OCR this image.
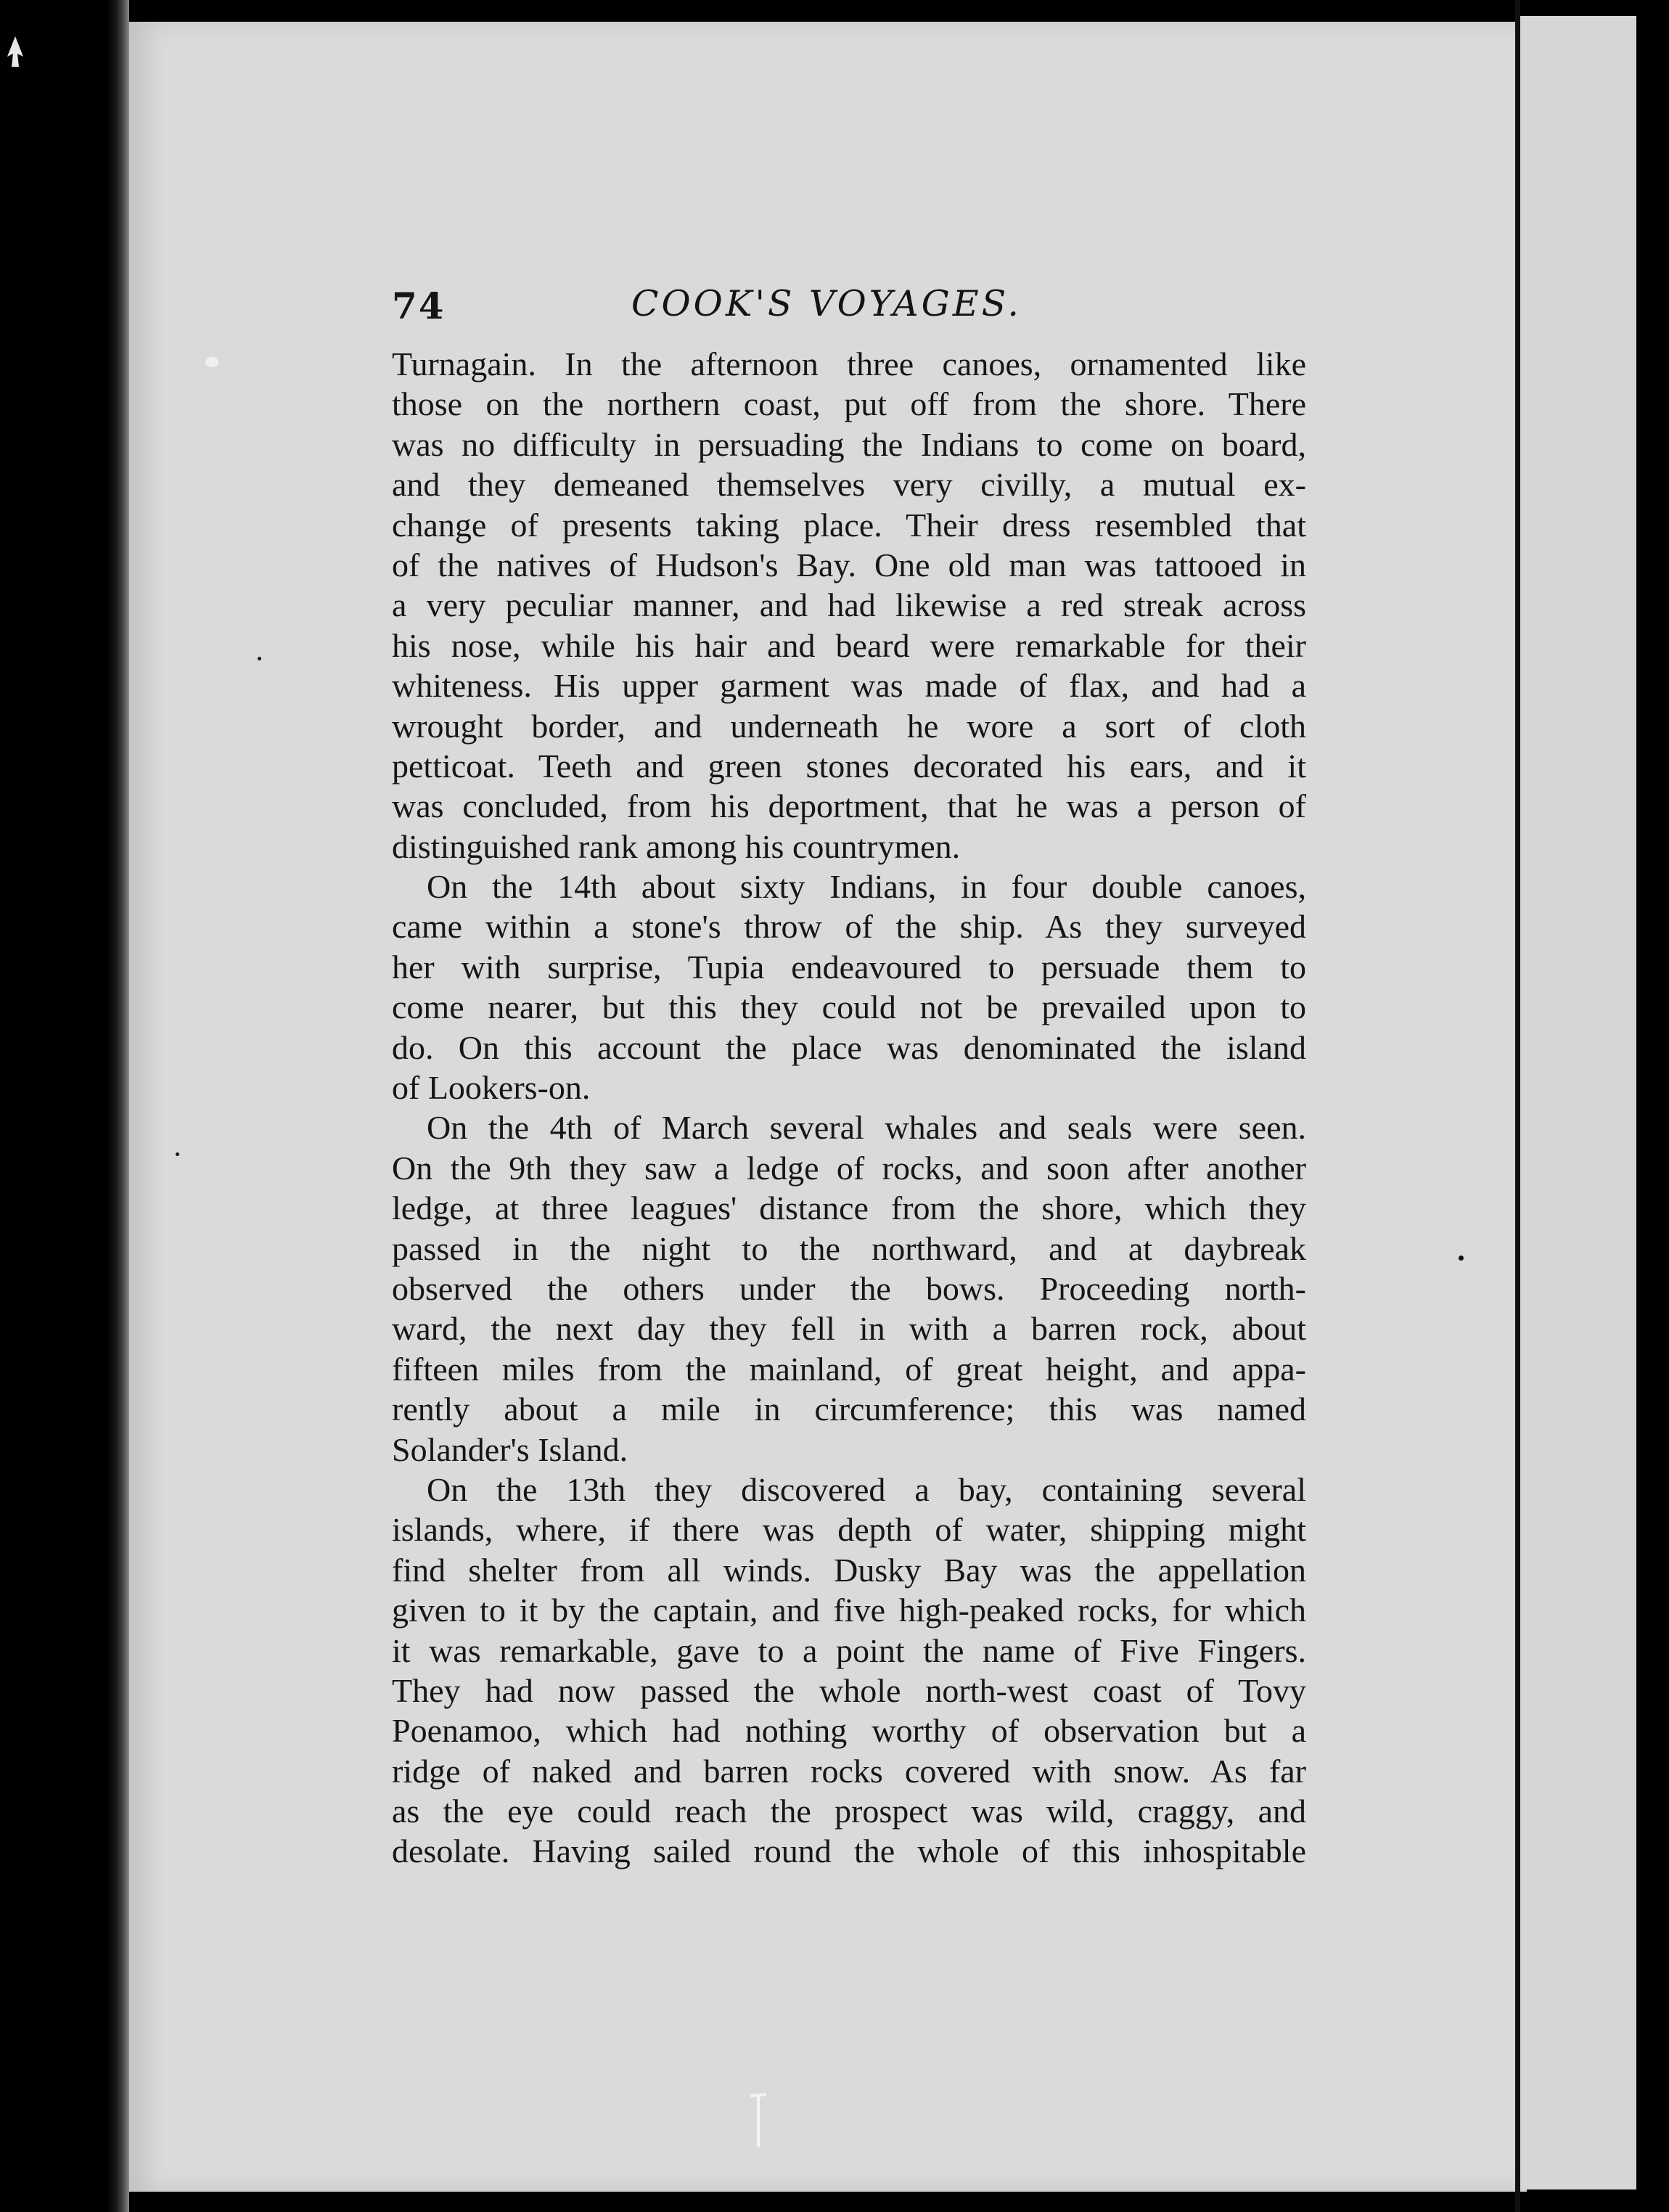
74	COOK'S VOYAGES.
Turnagain. In the afternoon three canoes, ornamented like
those on the northern coast, put off from the shore. There
was no difficulty in persuading the Indians to come on board,
and they demeaned themselves very civilly, a mutual ex-
change of presents taking place. Their dress resembled that
of the natives of Hudson's Bay. One old man was tattooed in
a very peculiar manner, and had likewise a red streak across
his nose, while his hair and beard were remarkable for their
whiteness. His upper garment was made of flax, and had a
wrought border, and underneath he wore a sort of cloth
petticoat. Teeth and green stones decorated his ears, and it
was concluded, from his deportment, that he was a person of
distinguished rank among his countrymen.
On the 14th about sixty Indians, in four double canoes,
came within a stone's throw of the ship. As they surveyed
her with surprise, Tupia endeavoured to persuade them to
come nearer, but this they could not be prevailed upon to
do. On this account the place was denominated the island
of Lookers-on.
On the 4th of March several whales and seals were seen.
On the 9th they saw a ledge of rocks, and soon after another
ledge, at three leagues' distance from the shore, which they
passed in the night to the northward, and at daybreak
observed the others under the bows. Proceeding north-
ward, the next day they fell in with a barren rock, about
fifteen miles from the mainland, of great height, and appa-
rently about a mile in circumference; this was named
Solander's Island.
On the 13th they discovered a bay, containing several
islands, where, if there was depth of water, shipping might
find shelter from all winds. Dusky Bay was the appellation
given to it by the captain, and five high-peaked rocks, for which
it was remarkable, gave to a point the name of Five Fingers.
They had now passed the whole north-west coast of Tovy
Poenamoo, which had nothing worthy of observation but a
ridge of naked and barren rocks covered with snow. As far
as the eye could reach the prospect was wild, craggy, and
desolate. Having sailed round the whole of this inhospitable
